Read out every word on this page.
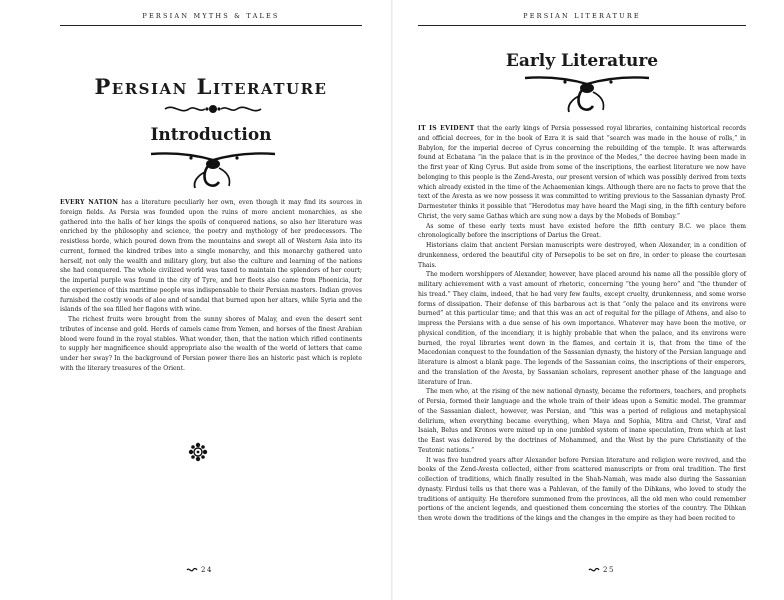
PERSIAN MYTHS & TALES
Persian Literature
Introduction

EVERY NATION has a literature peculiarly her own, even though it may find its sources in foreign fields. As Persia was founded upon the ruins of more ancient monarchies, as she gathered into the halls of her kings the spoils of conquered nations, so also her literature was enriched by the philosophy and science, the poetry and mythology of her predecessors. The resistless horde, which poured down from the mountains and swept all of Western Asia into its current, formed the kindred tribes into a single monarchy, and this monarchy gathered unto herself, not only the wealth and military glory, but also the culture and learning of the nations she had conquered. The whole civilized world was taxed to maintain the splendors of her court; the imperial purple was found in the city of Tyre, and her fleets also came from Phoenicia, for the experience of this maritime people was indispensable to their Persian masters. Indian groves furnished the costly woods of aloe and of sandal that burned upon her altars, while Syria and the islands of the sea filled her flagons with wine.

The richest fruits were brought from the sunny shores of Malay, and even the desert sent tributes of incense and gold. Herds of camels came from Yemen, and horses of the finest Arabian blood were found in the royal stables. What wonder, then, that the nation which rifled continents to supply her magnificence should appropriate also the wealth of the world of letters that came under her sway? In the background of Persian power there lies an historic past which is replete with the literary treasures of the Orient.

24
PERSIAN LITERATURE
Early Literature

IT IS EVIDENT that the early kings of Persia possessed royal libraries, containing historical records and official decrees, for in the book of Ezra it is said that “search was made in the house of rolls,” in Babylon, for the imperial decree of Cyrus concerning the rebuilding of the temple. It was afterwards found at Ecbatana “in the palace that is in the province of the Medes,” the decree having been made in the first year of King Cyrus. But aside from some of the inscriptions, the earliest literature we now have belonging to this people is the Zend-Avesta, our present version of which was possibly derived from texts which already existed in the time of the Achaemenian kings. Although there are no facts to prove that the text of the Avesta as we now possess it was committed to writing previous to the Sassanian dynasty Prof. Darmesteter thinks it possible that “Herodotus may have heard the Magi sing, in the fifth century before Christ, the very same Gathas which are sung now a days by the Mobeds of Bombay.”

As some of these early texts must have existed before the fifth century B.C. we place them chronologically before the inscriptions of Darius the Great.

Historians claim that ancient Persian manuscripts were destroyed, when Alexander, in a condition of drunkenness, ordered the beautiful city of Persepolis to be set on fire, in order to please the courtesan Thais.

The modern worshippers of Alexander, however, have placed around his name all the possible glory of military achievement with a vast amount of rhetoric, concerning “the young hero” and “the thunder of his tread.” They claim, indeed, that he had very few faults, except cruelty, drunkenness, and some worse forms of dissipation. Their defense of this barbarous act is that “only the palace and its environs were burned” at this particular time; and that this was an act of requital for the pillage of Athens, and also to impress the Persians with a due sense of his own importance. Whatever may have been the motive, or physical condition, of the incendiary, it is highly probable that when the palace, and its environs were burned, the royal libraries went down in the flames, and certain it is, that from the time of the Macedonian conquest to the foundation of the Sassanian dynasty, the history of the Persian language and literature is almost a blank page. The legends of the Sassanian coins, the inscriptions of their emperors, and the translation of the Avesta, by Sassanian scholars, represent another phase of the language and literature of Iran.

The men who, at the rising of the new national dynasty, became the reformers, teachers, and prophets of Persia, formed their language and the whole train of their ideas upon a Semitic model. The grammar of the Sassanian dialect, however, was Persian, and “this was a period of religious and metaphysical delirium, when everything became everything, when Maya and Sophia, Mitra and Christ, Viraf and Isaiah, Belus and Kronos were mixed up in one jumbled system of inane speculation, from which at last the East was delivered by the doctrines of Mohammed, and the West by the pure Christianity of the Teutonic nations.”

It was five hundred years after Alexander before Persian literature and religion were revived, and the books of the Zend-Avesta collected, either from scattered manuscripts or from oral tradition. The first collection of traditions, which finally resulted in the Shah-Namah, was made also during the Sassanian dynasty. Firdusi tells us that there was a Pahlevan, of the family of the Dihkans, who loved to study the traditions of antiquity. He therefore summoned from the provinces, all the old men who could remember portions of the ancient legends, and questioned them concerning the stories of the country. The Dihkan then wrote down the traditions of the kings and the changes in the empire as they had been recited to

25
